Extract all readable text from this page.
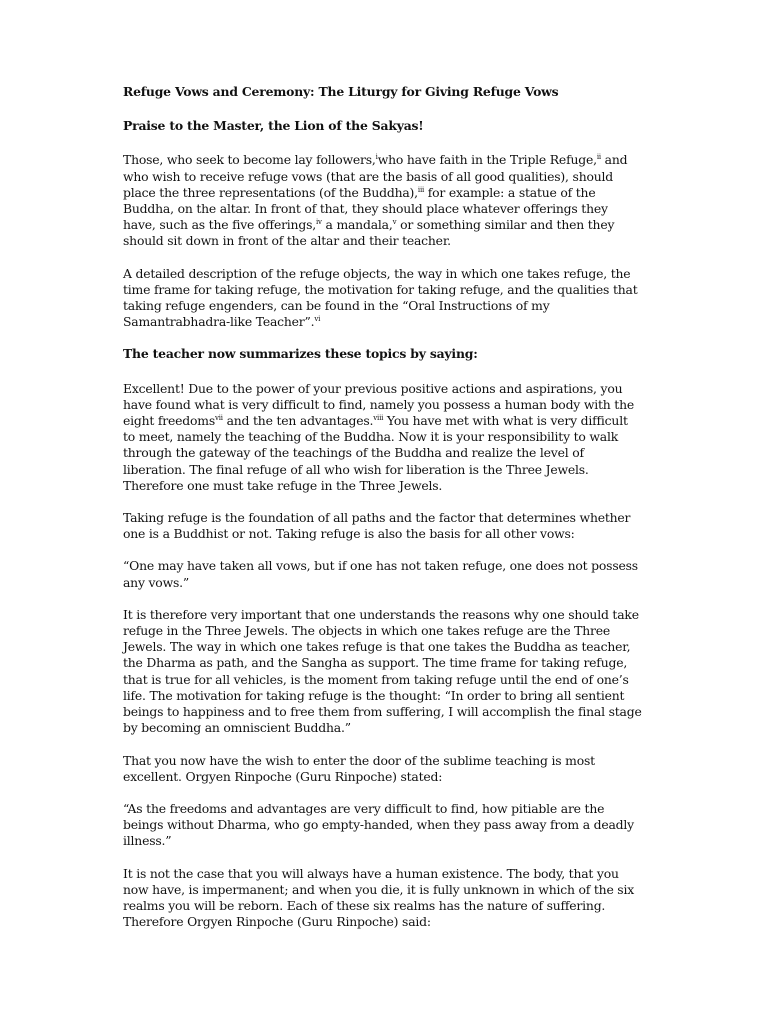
Refuge Vows and Ceremony: The Liturgy for Giving Refuge Vows

Praise to the Master, the Lion of the Sakyas!

Those, who seek to become lay followers,$^i$who have faith in the Triple Refuge,$^{ii}$ and who wish to receive refuge vows (that are the basis of all good qualities), should place the three representations (of the Buddha),$^{iii}$ for example: a statue of the Buddha, on the altar. In front of that, they should place whatever offerings they have, such as the five offerings,$^{iv}$ a mandala,$^v$ or something similar and then they should sit down in front of the altar and their teacher.

A detailed description of the refuge objects, the way in which one takes refuge, the time frame for taking refuge, the motivation for taking refuge, and the qualities that taking refuge engenders, can be found in the “Oral Instructions of my Samantrabhadra-like Teacher”.$^{vi}$

The teacher now summarizes these topics by saying:

Excellent! Due to the power of your previous positive actions and aspirations, you have found what is very difficult to find, namely you possess a human body with the eight freedoms$^{vii}$ and the ten advantages.$^{viii}$ You have met with what is very difficult to meet, namely the teaching of the Buddha. Now it is your responsibility to walk through the gateway of the teachings of the Buddha and realize the level of liberation. The final refuge of all who wish for liberation is the Three Jewels. Therefore one must take refuge in the Three Jewels.

Taking refuge is the foundation of all paths and the factor that determines whether one is a Buddhist or not. Taking refuge is also the basis for all other vows:

“One may have taken all vows, but if one has not taken refuge, one does not possess any vows.”

It is therefore very important that one understands the reasons why one should take refuge in the Three Jewels. The objects in which one takes refuge are the Three Jewels. The way in which one takes refuge is that one takes the Buddha as teacher, the Dharma as path, and the Sangha as support. The time frame for taking refuge, that is true for all vehicles, is the moment from taking refuge until the end of one’s life. The motivation for taking refuge is the thought: “In order to bring all sentient beings to happiness and to free them from suffering, I will accomplish the final stage by becoming an omniscient Buddha.”

That you now have the wish to enter the door of the sublime teaching is most excellent. Orgyen Rinpoche (Guru Rinpoche) stated:

“As the freedoms and advantages are very difficult to find, how pitiable are the beings without Dharma, who go empty-handed, when they pass away from a deadly illness.”

It is not the case that you will always have a human existence. The body, that you now have, is impermanent; and when you die, it is fully unknown in which of the six realms you will be reborn. Each of these six realms has the nature of suffering. Therefore Orgyen Rinpoche (Guru Rinpoche) said:
